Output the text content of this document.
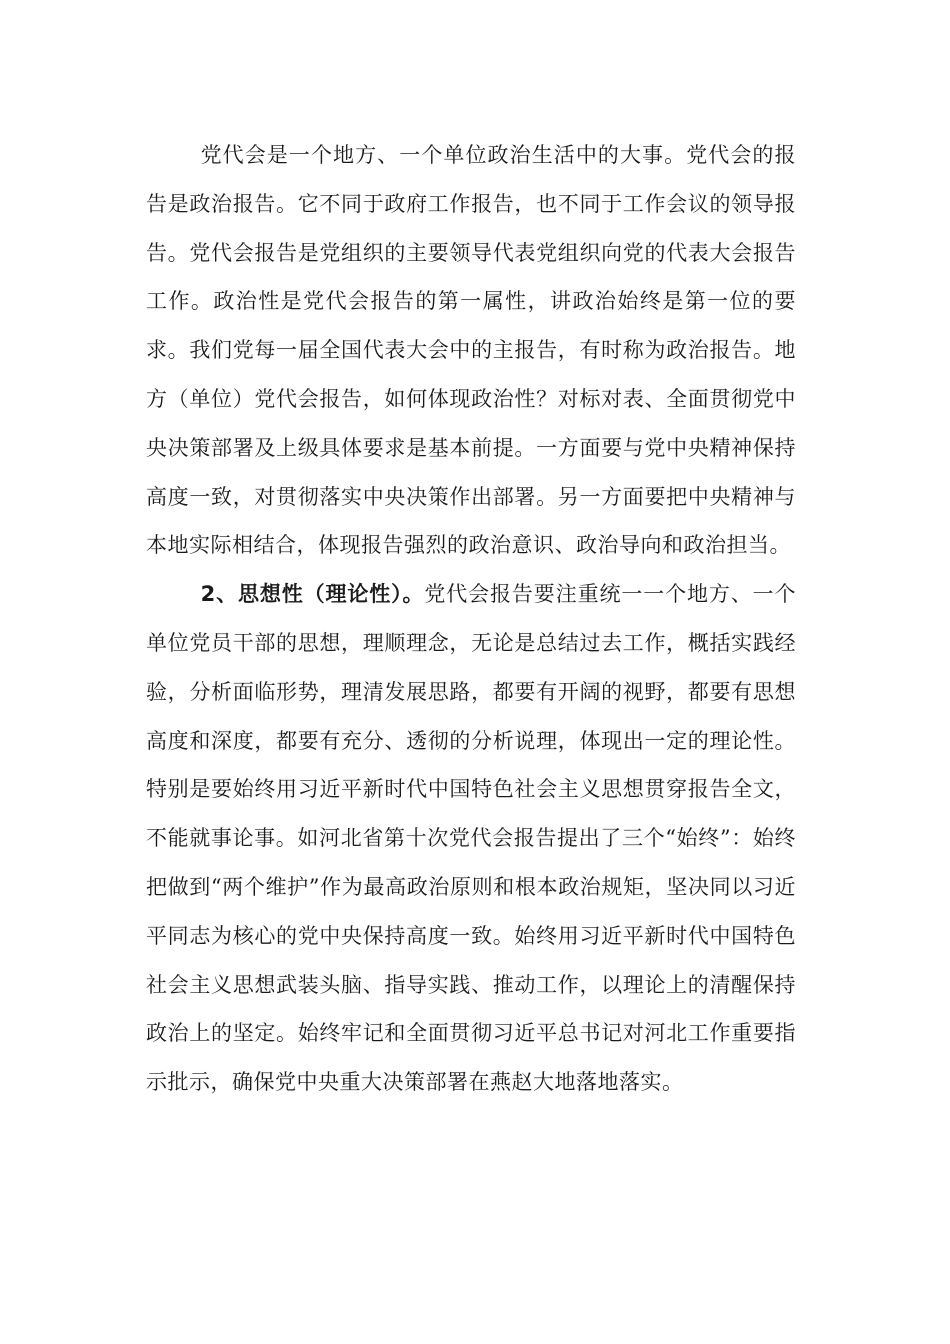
党代会是一个地方、一个单位政治生活中的大事。党代会的报告是政治报告。它不同于政府工作报告，也不同于工作会议的领导报告。党代会报告是党组织的主要领导代表党组织向党的代表大会报告工作。政治性是党代会报告的第一属性，讲政治始终是第一位的要求。我们党每一届全国代表大会中的主报告，有时称为政治报告。地方（单位）党代会报告，如何体现政治性？对标对表、全面贯彻党中央决策部署及上级具体要求是基本前提。一方面要与党中央精神保持高度一致，对贯彻落实中央决策作出部署。另一方面要把中央精神与本地实际相结合，体现报告强烈的政治意识、政治导向和政治担当。

2、思想性（理论性）。党代会报告要注重统一一个地方、一个单位党员干部的思想，理顺理念，无论是总结过去工作，概括实践经验，分析面临形势，理清发展思路，都要有开阔的视野，都要有思想高度和深度，都要有充分、透彻的分析说理，体现出一定的理论性。特别是要始终用习近平新时代中国特色社会主义思想贯穿报告全文，不能就事论事。如河北省第十次党代会报告提出了三个“始终”：始终把做到“两个维护”作为最高政治原则和根本政治规矩，坚决同以习近平同志为核心的党中央保持高度一致。始终用习近平新时代中国特色社会主义思想武装头脑、指导实践、推动工作，以理论上的清醒保持政治上的坚定。始终牢记和全面贯彻习近平总书记对河北工作重要指示批示，确保党中央重大决策部署在燕赵大地落地落实。
